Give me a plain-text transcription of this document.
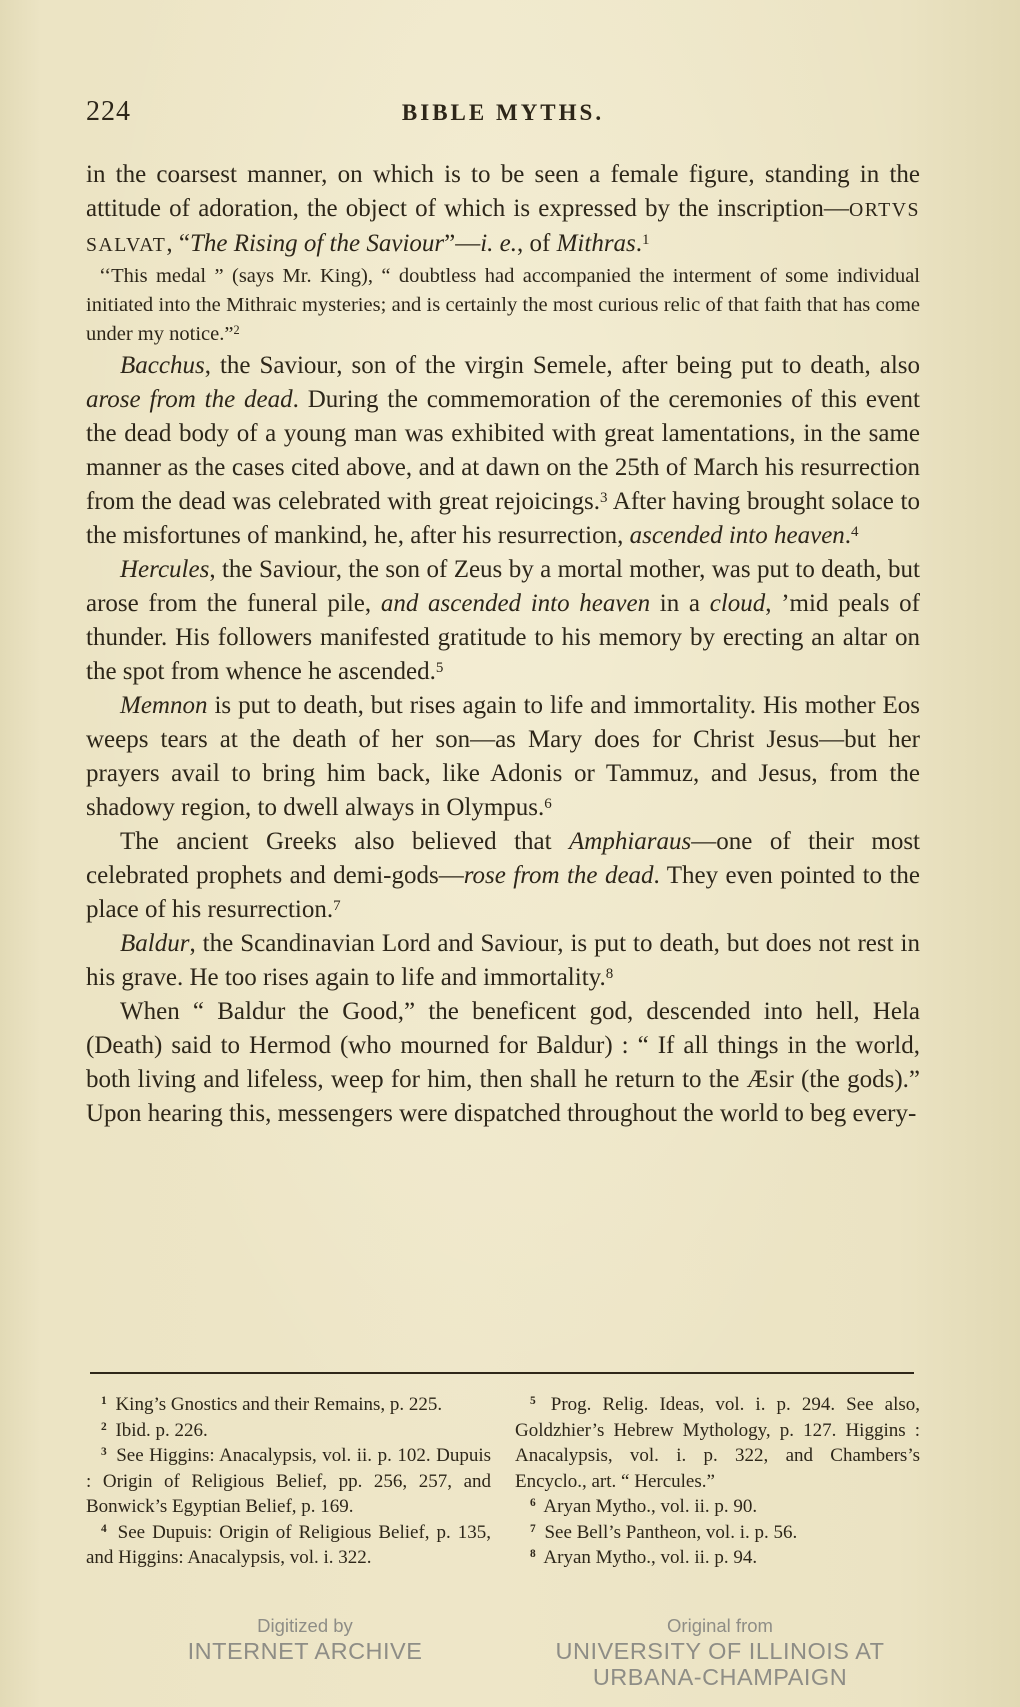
224	BIBLE MYTHS.

in the coarsest manner, on which is to be seen a female figure, standing in the attitude of adoration, the object of which is expressed by the inscription—ORTVS SALVAT, “The Rising of the Saviour”—i. e., of Mithras.$^1$

‘‘This medal ” (says Mr. King), “ doubtless had accompanied the interment of some individual initiated into the Mithraic mysteries; and is certainly the most curious relic of that faith that has come under my notice.”$^2$

Bacchus, the Saviour, son of the virgin Semele, after being put to death, also arose from the dead. During the commemoration of the ceremonies of this event the dead body of a young man was exhibited with great lamentations, in the same manner as the cases cited above, and at dawn on the 25th of March his resurrection from the dead was celebrated with great rejoicings.$^3$ After having brought solace to the misfortunes of mankind, he, after his resurrection, ascended into heaven.$^4$

Hercules, the Saviour, the son of Zeus by a mortal mother, was put to death, but arose from the funeral pile, and ascended into heaven in a cloud, ’mid peals of thunder. His followers manifested gratitude to his memory by erecting an altar on the spot from whence he ascended.$^5$

Memnon is put to death, but rises again to life and immortality. His mother Eos weeps tears at the death of her son—as Mary does for Christ Jesus—but her prayers avail to bring him back, like Adonis or Tammuz, and Jesus, from the shadowy region, to dwell always in Olympus.$^6$

The ancient Greeks also believed that Amphiaraus—one of their most celebrated prophets and demi-gods—rose from the dead. They even pointed to the place of his resurrection.$^7$

Baldur, the Scandinavian Lord and Saviour, is put to death, but does not rest in his grave. He too rises again to life and immortality.$^8$

When “ Baldur the Good,” the beneficent god, descended into hell, Hela (Death) said to Hermod (who mourned for Baldur) : “ If all things in the world, both living and lifeless, weep for him, then shall he return to the Æsir (the gods).” Upon hearing this, messengers were dispatched throughout the world to beg every-

$^1$ King’s Gnostics and their Remains, p. 225.

$^2$ Ibid. p. 226.

$^3$ See Higgins: Anacalypsis, vol. ii. p. 102. Dupuis : Origin of Religious Belief, pp. 256, 257, and Bonwick’s Egyptian Belief, p. 169.

$^4$ See Dupuis: Origin of Religious Belief, p. 135, and Higgins: Anacalypsis, vol. i. 322.

$^5$ Prog. Relig. Ideas, vol. i. p. 294. See also, Goldzhier’s Hebrew Mythology, p. 127. Higgins : Anacalypsis, vol. i. p. 322, and Chambers’s Encyclo., art. “ Hercules.”

$^6$ Aryan Mytho., vol. ii. p. 90.

$^7$ See Bell’s Pantheon, vol. i. p. 56.

$^8$ Aryan Mytho., vol. ii. p. 94.

Digitized by
INTERNET ARCHIVE
Original from
UNIVERSITY OF ILLINOIS AT
URBANA-CHAMPAIGN
